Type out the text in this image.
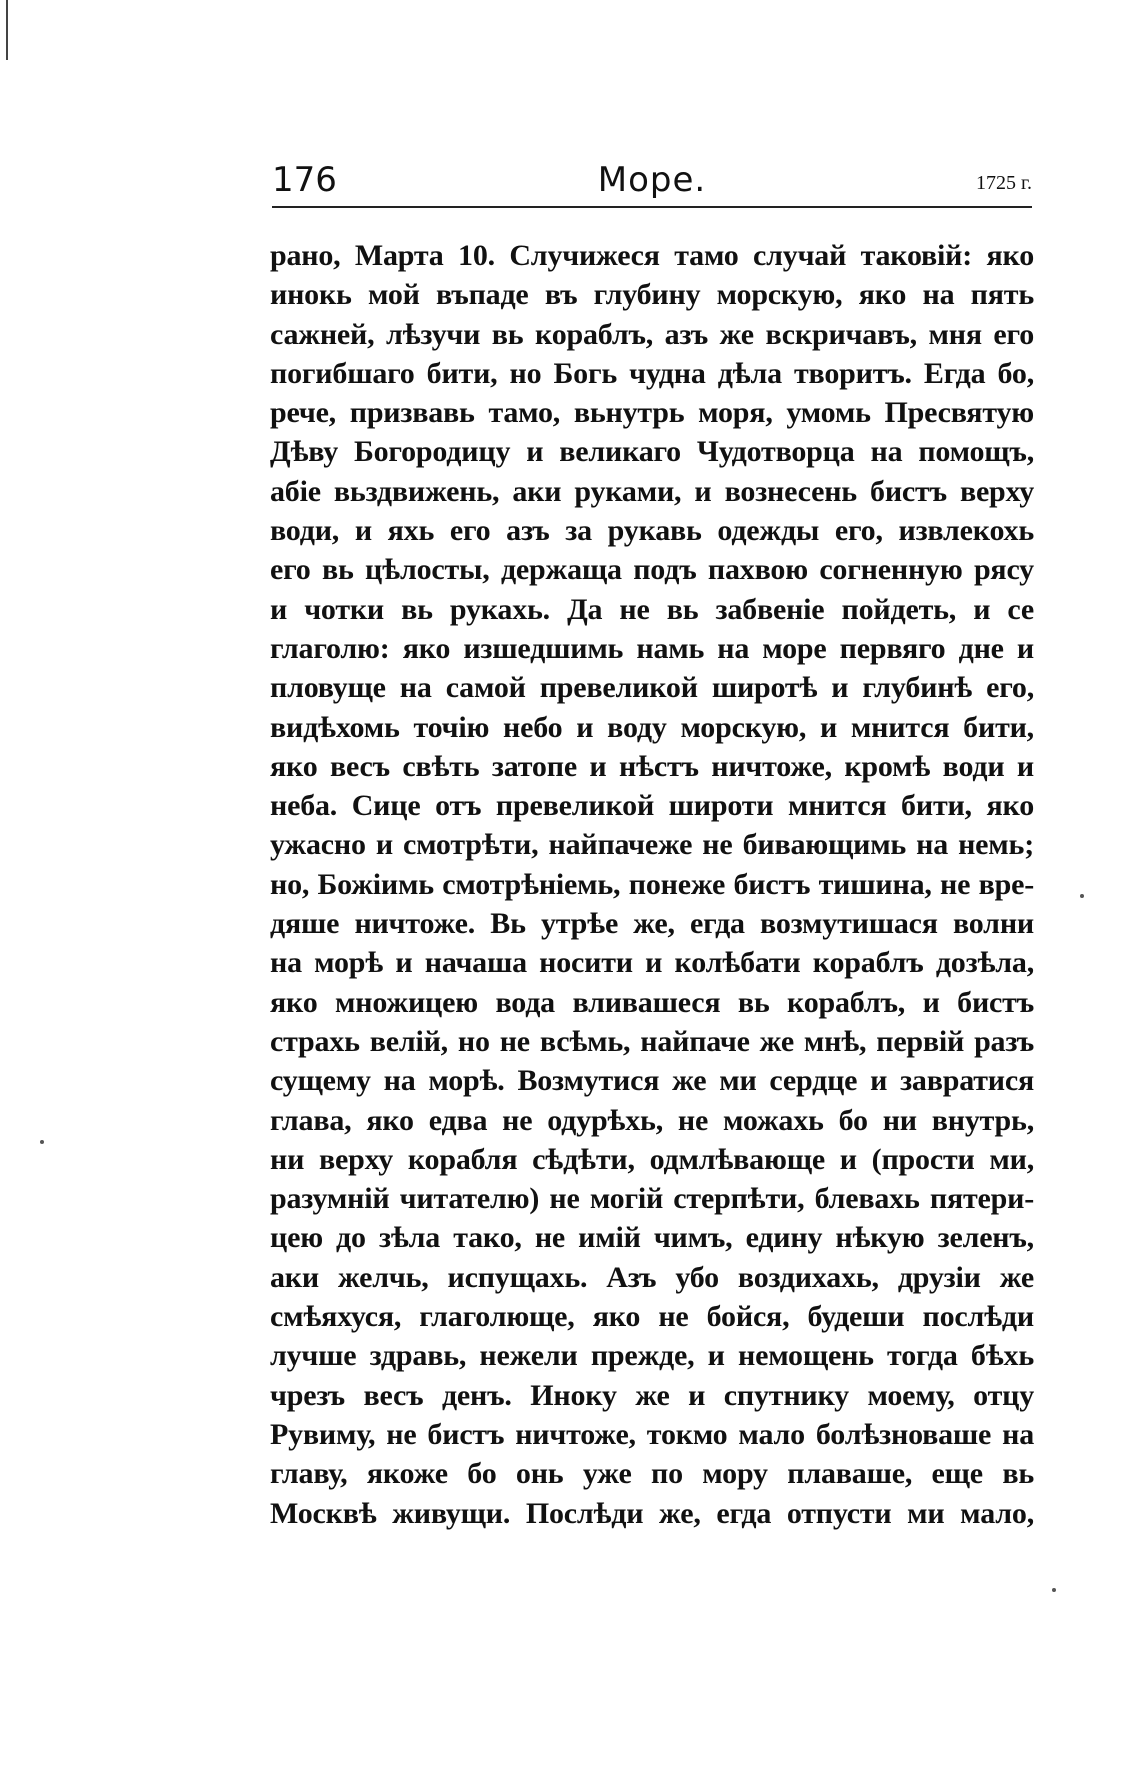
176	Море.	1725 г.
рано, Марта 10. Случижеся тамо случай таковій: яко
инокь мой въпаде въ глубину морскую, яко на пять
сажней, лѣзучи вь кораблъ, азъ же вскричавъ, мня его
погибшаго бити, но Богь чудна дѣла творитъ. Егда бо,
рече, призвавь тамо, вьнутрь моря, умомь Пресвятую
Дѣву Богородицу и великаго Чудотворца на помощъ,
абіе вьздвижень, аки руками, и вознесень бистъ верху
води, и яхь его азъ за рукавь одежды его, извлекохь
его вь цѣлосты, держаща подъ пахвою согненную рясу
и чотки вь рукахь. Да не вь забвеніе пойдеть, и се
глаголю: яко изшедшимь намь на море первяго дне и
пловуще на самой превеликой широтѣ и глубинѣ его,
видѣхомь точію небо и воду морскую, и мнится бити,
яко весъ свѣть затопе и нѣстъ ничтоже, кромѣ води и
неба. Сице отъ превеликой широти мнится бити, яко
ужасно и смотрѣти, найпачеже не бивающимь на немь;
но, Божіимь смотрѣніемь, понеже бистъ тишина, не вре-
дяше ничтоже. Вь утрѣе же, егда возмутишася волни
на морѣ и начаша носити и колѣбати кораблъ дозѣла,
яко множицею вода вливашеся вь кораблъ, и бистъ
страхь велій, но не всѣмь, найпаче же мнѣ, первій разъ
сущему на морѣ. Возмутися же ми сердце и завратися
глава, яко едва не одурѣхь, не можахь бо ни внутрь,
ни верху корабля сѣдѣти, одмлѣвающе и (прости ми,
разумній читателю) не могій стерпѣти, блевахь пятери-
цею до зѣла тако, не имій чимъ, едину нѣкую зеленъ,
аки желчь, испущахь. Азъ убо воздихахь, друзіи же
смѣяхуся, глаголюще, яко не бойся, будеши послѣди
лучше здравь, нежели прежде, и немощень тогда бѣхь
чрезъ весъ денъ. Иноку же и спутнику моему, отцу
Рувиму, не бистъ ничтоже, токмо мало болѣзноваше на
главу, якоже бо онь уже по мору плаваше, еще вь
Москвѣ живущи. Послѣди же, егда отпусти ми мало,
